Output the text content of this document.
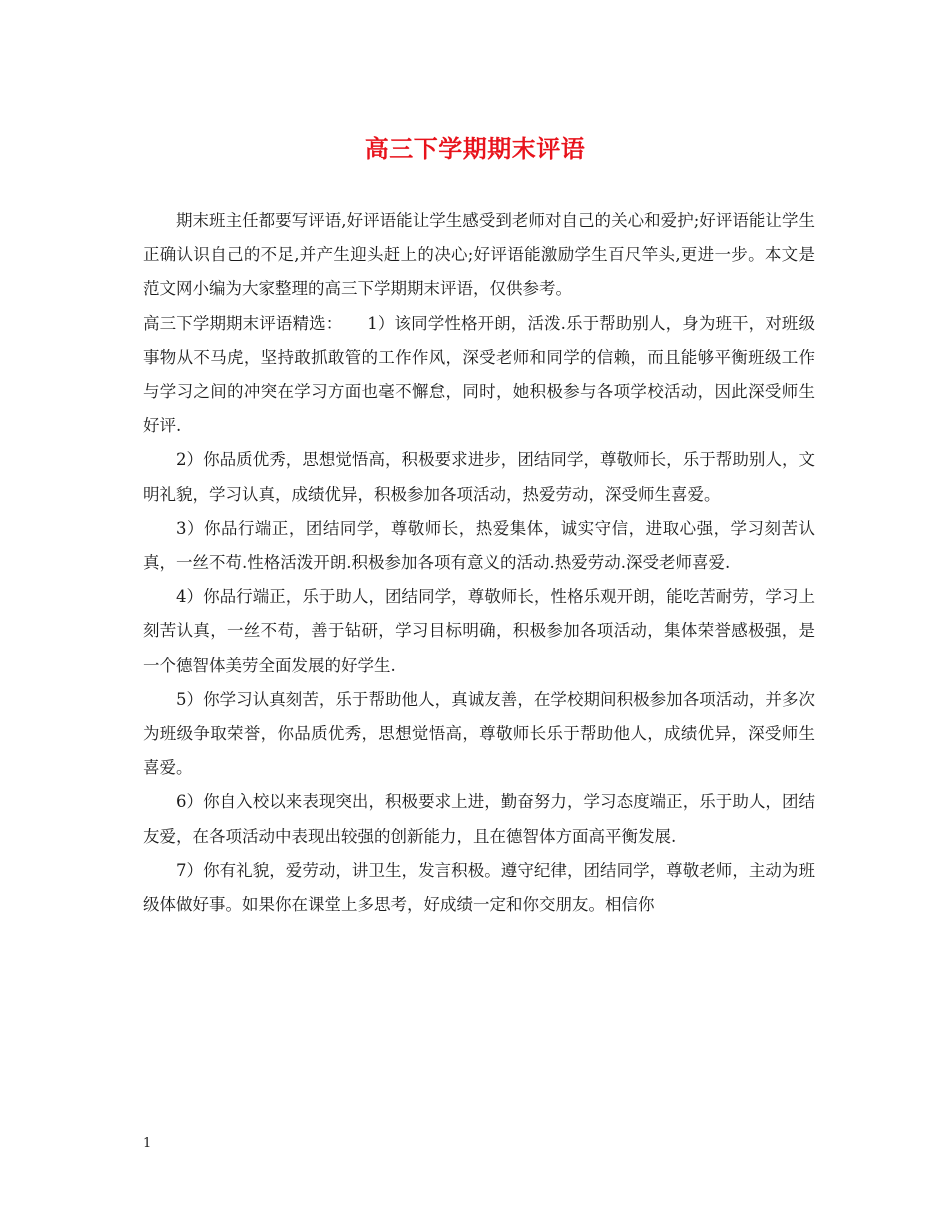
高三下学期期末评语

期末班主任都要写评语,好评语能让学生感受到老师对自己的关心和爱护;好评语能让学生正确认识自己的不足,并产生迎头赶上的决心;好评语能激励学生百尺竿头,更进一步。本文是范文网小编为大家整理的高三下学期期末评语，仅供参考。

高三下学期期末评语精选：　　1）该同学性格开朗，活泼.乐于帮助别人，身为班干，对班级事物从不马虎，坚持敢抓敢管的工作作风，深受老师和同学的信赖，而且能够平衡班级工作与学习之间的冲突在学习方面也毫不懈怠，同时，她积极参与各项学校活动，因此深受师生好评.

2）你品质优秀，思想觉悟高，积极要求进步，团结同学，尊敬师长，乐于帮助别人，文明礼貌，学习认真，成绩优异，积极参加各项活动，热爱劳动，深受师生喜爱。

3）你品行端正，团结同学，尊敬师长，热爱集体，诚实守信，进取心强，学习刻苦认真，一丝不苟.性格活泼开朗.积极参加各项有意义的活动.热爱劳动.深受老师喜爱.

4）你品行端正，乐于助人，团结同学，尊敬师长，性格乐观开朗，能吃苦耐劳，学习上刻苦认真，一丝不苟，善于钻研，学习目标明确，积极参加各项活动，集体荣誉感极强，是一个德智体美劳全面发展的好学生.

5）你学习认真刻苦，乐于帮助他人，真诚友善，在学校期间积极参加各项活动，并多次为班级争取荣誉，你品质优秀，思想觉悟高，尊敬师长乐于帮助他人，成绩优异，深受师生喜爱。

6）你自入校以来表现突出，积极要求上进，勤奋努力，学习态度端正，乐于助人，团结友爱，在各项活动中表现出较强的创新能力，且在德智体方面高平衡发展.

7）你有礼貌，爱劳动，讲卫生，发言积极。遵守纪律，团结同学，尊敬老师，主动为班级体做好事。如果你在课堂上多思考，好成绩一定和你交朋友。相信你

1
